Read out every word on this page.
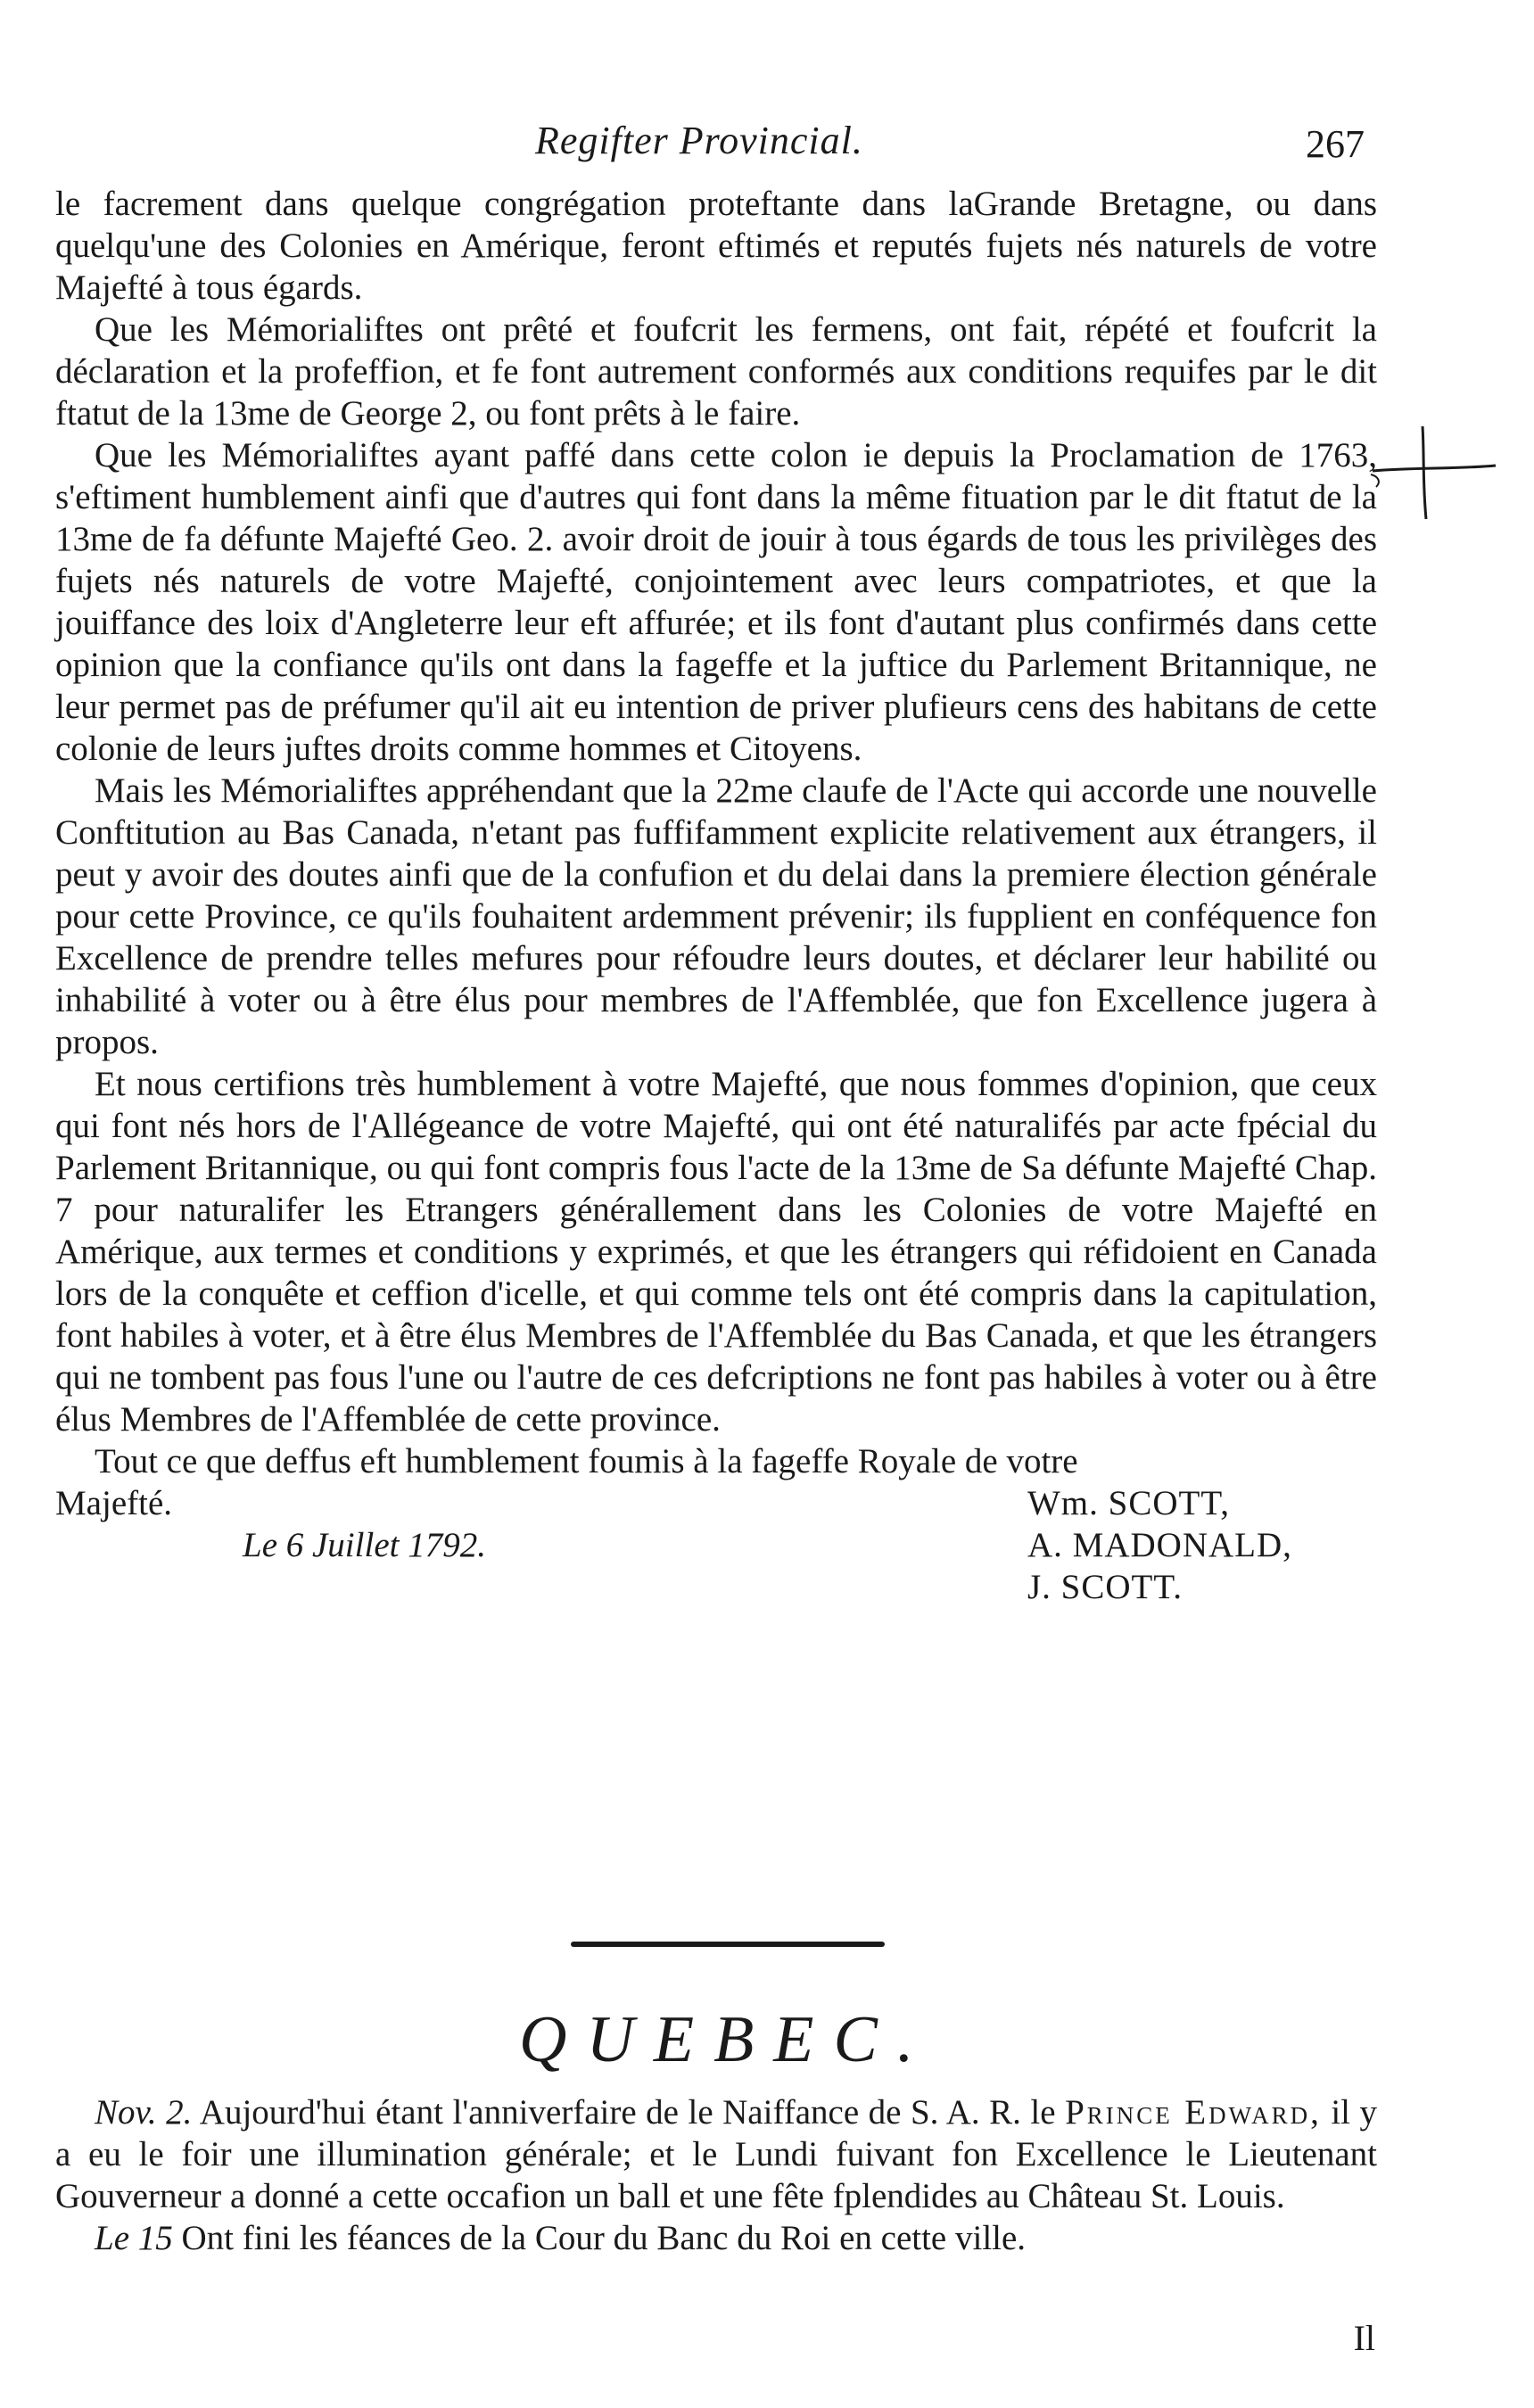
Regifter Provincial.	267

le facrement dans quelque congrégation proteftante dans laGrande Bretagne, ou dans quelqu'une des Colonies en Amérique, feront eftimés et reputés fujets nés naturels de votre Majefté à tous égards.

Que les Mémorialiftes ont prêté et foufcrit les fermens, ont fait, répété et foufcrit la déclaration et la profeffion, et fe font autrement conformés aux conditions requifes par le dit ftatut de la 13me de George 2, ou font prêts à le faire.

Que les Mémorialiftes ayant paffé dans cette colon ie depuis la Proclamation de 1763, s'eftiment humblement ainfi que d'autres qui font dans la même fituation par le dit ftatut de la 13me de fa défunte Majefté Geo. 2. avoir droit de jouir à tous égards de tous les privilèges des fujets nés naturels de votre Majefté, conjointement avec leurs compatriotes, et que la jouiffance des loix d'Angleterre leur eft affurée; et ils font d'autant plus confirmés dans cette opinion que la confiance qu'ils ont dans la fageffe et la juftice du Parlement Britannique, ne leur permet pas de préfumer qu'il ait eu intention de priver plufieurs cens des habitans de cette colonie de leurs juftes droits comme hommes et Citoyens.

Mais les Mémorialiftes appréhendant que la 22me claufe de l'Acte qui accorde une nouvelle Conftitution au Bas Canada, n'etant pas fuffifamment explicite relativement aux étrangers, il peut y avoir des doutes ainfi que de la confufion et du delai dans la premiere élection générale pour cette Province, ce qu'ils fouhaitent ardemment prévenir; ils fupplient en conféquence fon Excellence de prendre telles mefures pour réfoudre leurs doutes, et déclarer leur habilité ou inhabilité à voter ou à être élus pour membres de l'Affemblée, que fon Excellence jugera à propos.

Et nous certifions très humblement à votre Majefté, que nous fommes d'opinion, que ceux qui font nés hors de l'Allégeance de votre Majefté, qui ont été naturalifés par acte fpécial du Parlement Britannique, ou qui font compris fous l'acte de la 13me de Sa défunte Majefté Chap. 7 pour naturalifer les Etrangers générallement dans les Colonies de votre Majefté en Amérique, aux termes et conditions y exprimés, et que les étrangers qui réfidoient en Canada lors de la conquête et ceffion d'icelle, et qui comme tels ont été compris dans la capitulation, font habiles à voter, et à être élus Membres de l'Affemblée du Bas Canada, et que les étrangers qui ne tombent pas fous l'une ou l'autre de ces defcriptions ne font pas habiles à voter ou à être élus Membres de l'Affemblée de cette province.

Tout ce que deffus eft humblement foumis à la fageffe Royale de votre
Majefté.	Wm. SCOTT,
Le 6 Juillet 1792.	A. MADONALD,
J. SCOTT.
QUEBEC.

Nov. 2. Aujourd'hui étant l'anniverfaire de le Naiffance de S. A. R. le Prince Edward, il y a eu le foir une illumination générale; et le Lundi fuivant fon Excellence le Lieutenant Gouverneur a donné a cette occafion un ball et une fête fplendides au Château St. Louis.

Le 15 Ont fini les féances de la Cour du Banc du Roi en cette ville.

Il
